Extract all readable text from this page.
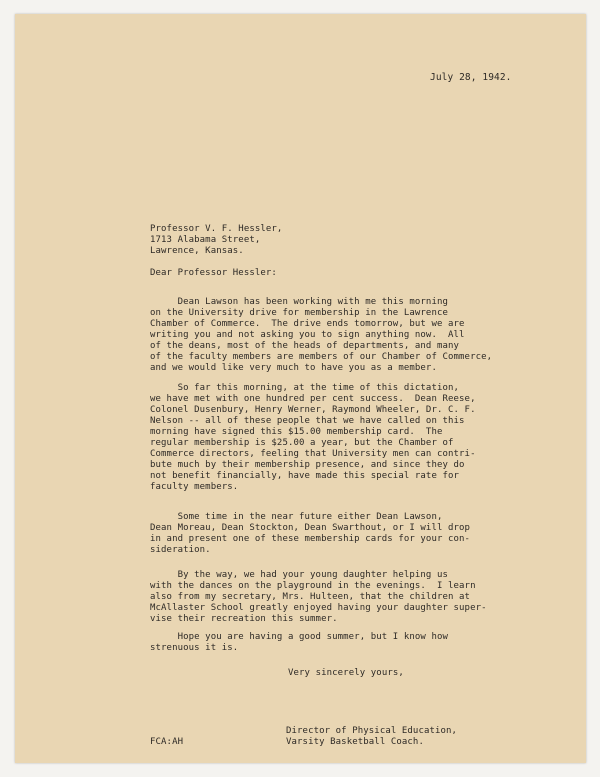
July 28, 1942.
Professor V. F. Hessler,
1713 Alabama Street,
Lawrence, Kansas.
Dear Professor Hessler:
Dean Lawson has been working with me this morning
on the University drive for membership in the Lawrence
Chamber of Commerce.  The drive ends tomorrow, but we are
writing you and not asking you to sign anything now.  All
of the deans, most of the heads of departments, and many
of the faculty members are members of our Chamber of Commerce,
and we would like very much to have you as a member.
So far this morning, at the time of this dictation,
we have met with one hundred per cent success.  Dean Reese,
Colonel Dusenbury, Henry Werner, Raymond Wheeler, Dr. C. F.
Nelson -- all of these people that we have called on this
morning have signed this $15.00 membership card.  The
regular membership is $25.00 a year, but the Chamber of
Commerce directors, feeling that University men can contri-
bute much by their membership presence, and since they do
not benefit financially, have made this special rate for
faculty members.
Some time in the near future either Dean Lawson,
Dean Moreau, Dean Stockton, Dean Swarthout, or I will drop
in and present one of these membership cards for your con-
sideration.
By the way, we had your young daughter helping us
with the dances on the playground in the evenings.  I learn
also from my secretary, Mrs. Hulteen, that the children at
McAllaster School greatly enjoyed having your daughter super-
vise their recreation this summer.
Hope you are having a good summer, but I know how
strenuous it is.
Very sincerely yours,
Director of Physical Education,
Varsity Basketball Coach.
FCA:AH
